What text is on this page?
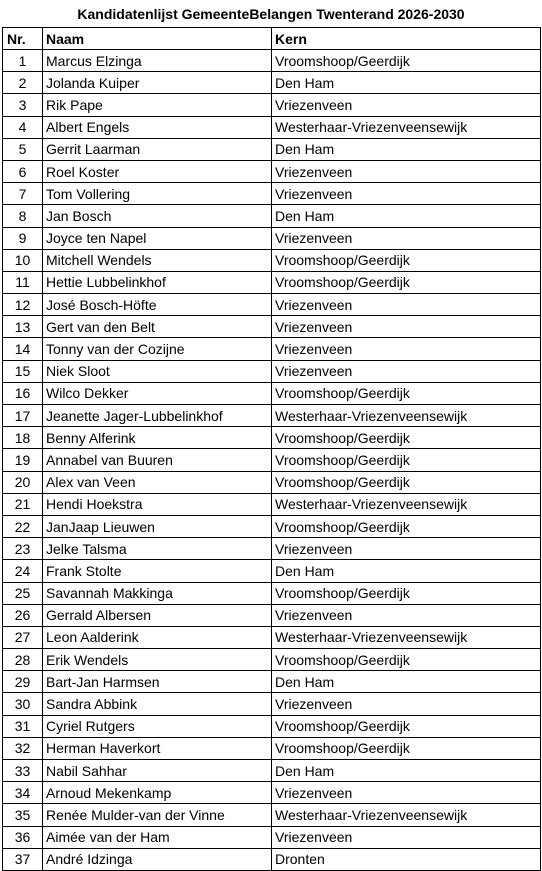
Kandidatenlijst GemeenteBelangen Twenterand 2026-2030
Nr.	Naam	Kern
1	Marcus Elzinga	Vroomshoop/Geerdijk
2	Jolanda Kuiper	Den Ham
3	Rik Pape	Vriezenveen
4	Albert Engels	Westerhaar-Vriezenveensewijk
5	Gerrit Laarman	Den Ham
6	Roel Koster	Vriezenveen
7	Tom Vollering	Vriezenveen
8	Jan Bosch	Den Ham
9	Joyce ten Napel	Vriezenveen
10	Mitchell Wendels	Vroomshoop/Geerdijk
11	Hettie Lubbelinkhof	Vroomshoop/Geerdijk
12	José Bosch-Höfte	Vriezenveen
13	Gert van den Belt	Vriezenveen
14	Tonny van der Cozijne	Vriezenveen
15	Niek Sloot	Vriezenveen
16	Wilco Dekker	Vroomshoop/Geerdijk
17	Jeanette Jager-Lubbelinkhof	Westerhaar-Vriezenveensewijk
18	Benny Alferink	Vroomshoop/Geerdijk
19	Annabel van Buuren	Vroomshoop/Geerdijk
20	Alex van Veen	Vroomshoop/Geerdijk
21	Hendi Hoekstra	Westerhaar-Vriezenveensewijk
22	JanJaap Lieuwen	Vroomshoop/Geerdijk
23	Jelke Talsma	Vriezenveen
24	Frank Stolte	Den Ham
25	Savannah Makkinga	Vroomshoop/Geerdijk
26	Gerrald Albersen	Vriezenveen
27	Leon Aalderink	Westerhaar-Vriezenveensewijk
28	Erik Wendels	Vroomshoop/Geerdijk
29	Bart-Jan Harmsen	Den Ham
30	Sandra Abbink	Vriezenveen
31	Cyriel Rutgers	Vroomshoop/Geerdijk
32	Herman Haverkort	Vroomshoop/Geerdijk
33	Nabil Sahhar	Den Ham
34	Arnoud Mekenkamp	Vriezenveen
35	Renée Mulder-van der Vinne	Westerhaar-Vriezenveensewijk
36	Aimée van der Ham	Vriezenveen
37	André Idzinga	Dronten
